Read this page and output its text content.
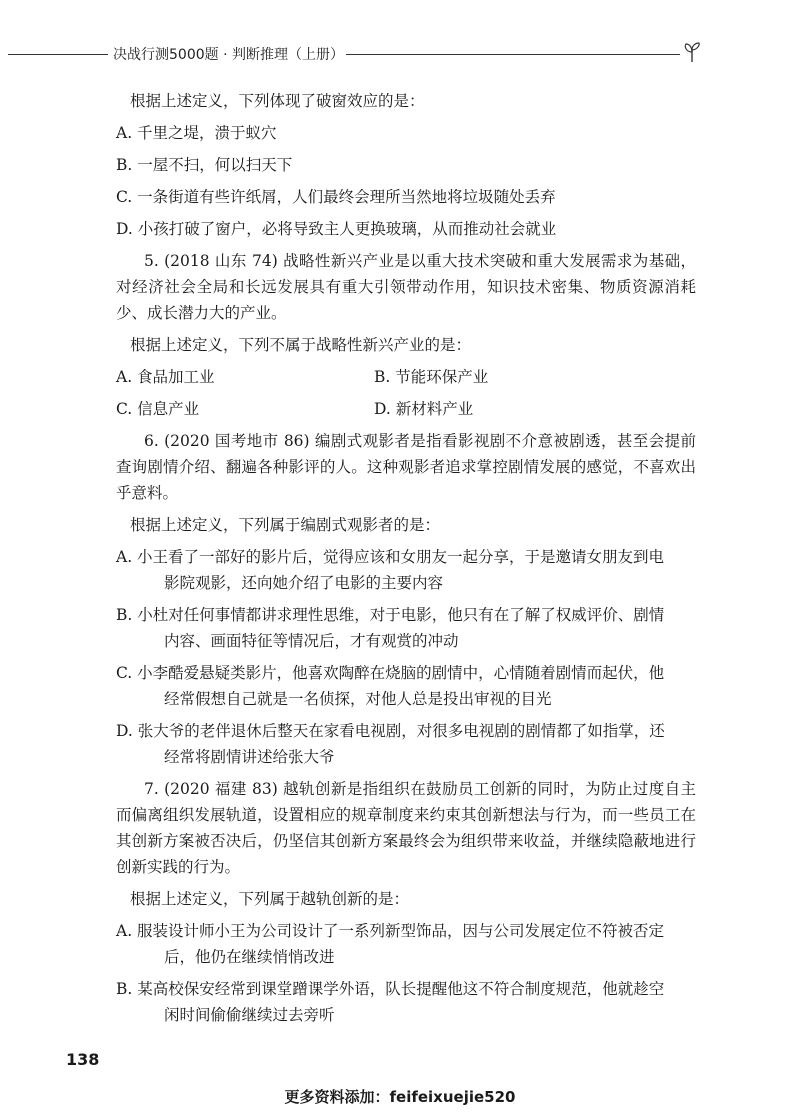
决战行测5000题 · 判断推理（上册）

根据上述定义，下列体现了破窗效应的是：

A. 千里之堤，溃于蚁穴

B. 一屋不扫，何以扫天下

C. 一条街道有些许纸屑，人们最终会理所当然地将垃圾随处丢弃

D. 小孩打破了窗户，必将导致主人更换玻璃，从而推动社会就业

5. (2018 山东 74) 战略性新兴产业是以重大技术突破和重大发展需求为基础，对经济社会全局和长远发展具有重大引领带动作用，知识技术密集、物质资源消耗少、成长潜力大的产业。

根据上述定义，下列不属于战略性新兴产业的是：

A. 食品加工业	B. 节能环保产业
C. 信息产业	D. 新材料产业

6. (2020 国考地市 86) 编剧式观影者是指看影视剧不介意被剧透，甚至会提前查询剧情介绍、翻遍各种影评的人。这种观影者追求掌控剧情发展的感觉，不喜欢出乎意料。

根据上述定义，下列属于编剧式观影者的是：

A. 小王看了一部好的影片后，觉得应该和女朋友一起分享，于是邀请女朋友到电
影院观影，还向她介绍了电影的主要内容

B. 小杜对任何事情都讲求理性思维，对于电影，他只有在了解了权威评价、剧情
内容、画面特征等情况后，才有观赏的冲动

C. 小李酷爱悬疑类影片，他喜欢陶醉在烧脑的剧情中，心情随着剧情而起伏，他
经常假想自己就是一名侦探，对他人总是投出审视的目光

D. 张大爷的老伴退休后整天在家看电视剧，对很多电视剧的剧情都了如指掌，还
经常将剧情讲述给张大爷

7. (2020 福建 83) 越轨创新是指组织在鼓励员工创新的同时，为防止过度自主而偏离组织发展轨道，设置相应的规章制度来约束其创新想法与行为，而一些员工在其创新方案被否决后，仍坚信其创新方案最终会为组织带来收益，并继续隐蔽地进行创新实践的行为。

根据上述定义，下列属于越轨创新的是：

A. 服装设计师小王为公司设计了一系列新型饰品，因与公司发展定位不符被否定
后，他仍在继续悄悄改进

B. 某高校保安经常到课堂蹭课学外语，队长提醒他这不符合制度规范，他就趁空
闲时间偷偷继续过去旁听

138
更多资料添加：feifeixuejie520
